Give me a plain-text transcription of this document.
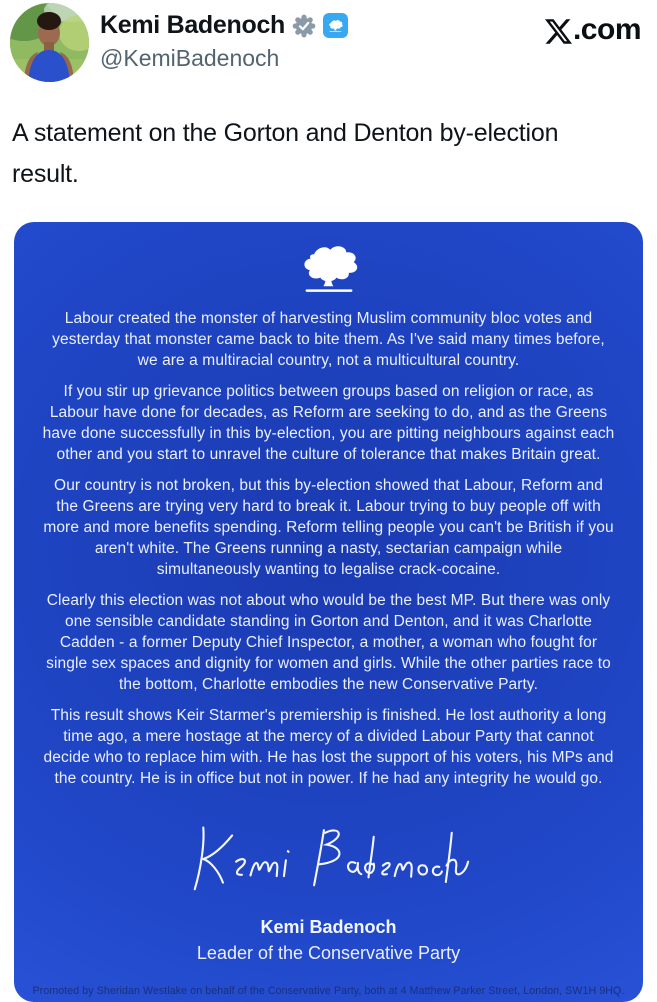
Kemi Badenoch
@KemiBadenoch
.com
A statement on the Gorton and Denton by-election result.

Labour created the monster of harvesting Muslim community bloc votes and yesterday that monster came back to bite them. As I've said many times before, we are a multiracial country, not a multicultural country.

If you stir up grievance politics between groups based on religion or race, as Labour have done for decades, as Reform are seeking to do, and as the Greens have done successfully in this by-election, you are pitting neighbours against each other and you start to unravel the culture of tolerance that makes Britain great.

Our country is not broken, but this by-election showed that Labour, Reform and the Greens are trying very hard to break it. Labour trying to buy people off with more and more benefits spending. Reform telling people you can't be British if you aren't white. The Greens running a nasty, sectarian campaign while simultaneously wanting to legalise crack-cocaine.

Clearly this election was not about who would be the best MP. But there was only one sensible candidate standing in Gorton and Denton, and it was Charlotte Cadden - a former Deputy Chief Inspector, a mother, a woman who fought for single sex spaces and dignity for women and girls. While the other parties race to the bottom, Charlotte embodies the new Conservative Party.

This result shows Keir Starmer's premiership is finished. He lost authority a long time ago, a mere hostage at the mercy of a divided Labour Party that cannot decide who to replace him with. He has lost the support of his voters, his MPs and the country. He is in office but not in power. If he had any integrity he would go.

Kemi Badenoch
Leader of the Conservative Party
Promoted by Sheridan Westlake on behalf of the Conservative Party, both at 4 Matthew Parker Street, London, SW1H 9HQ.
